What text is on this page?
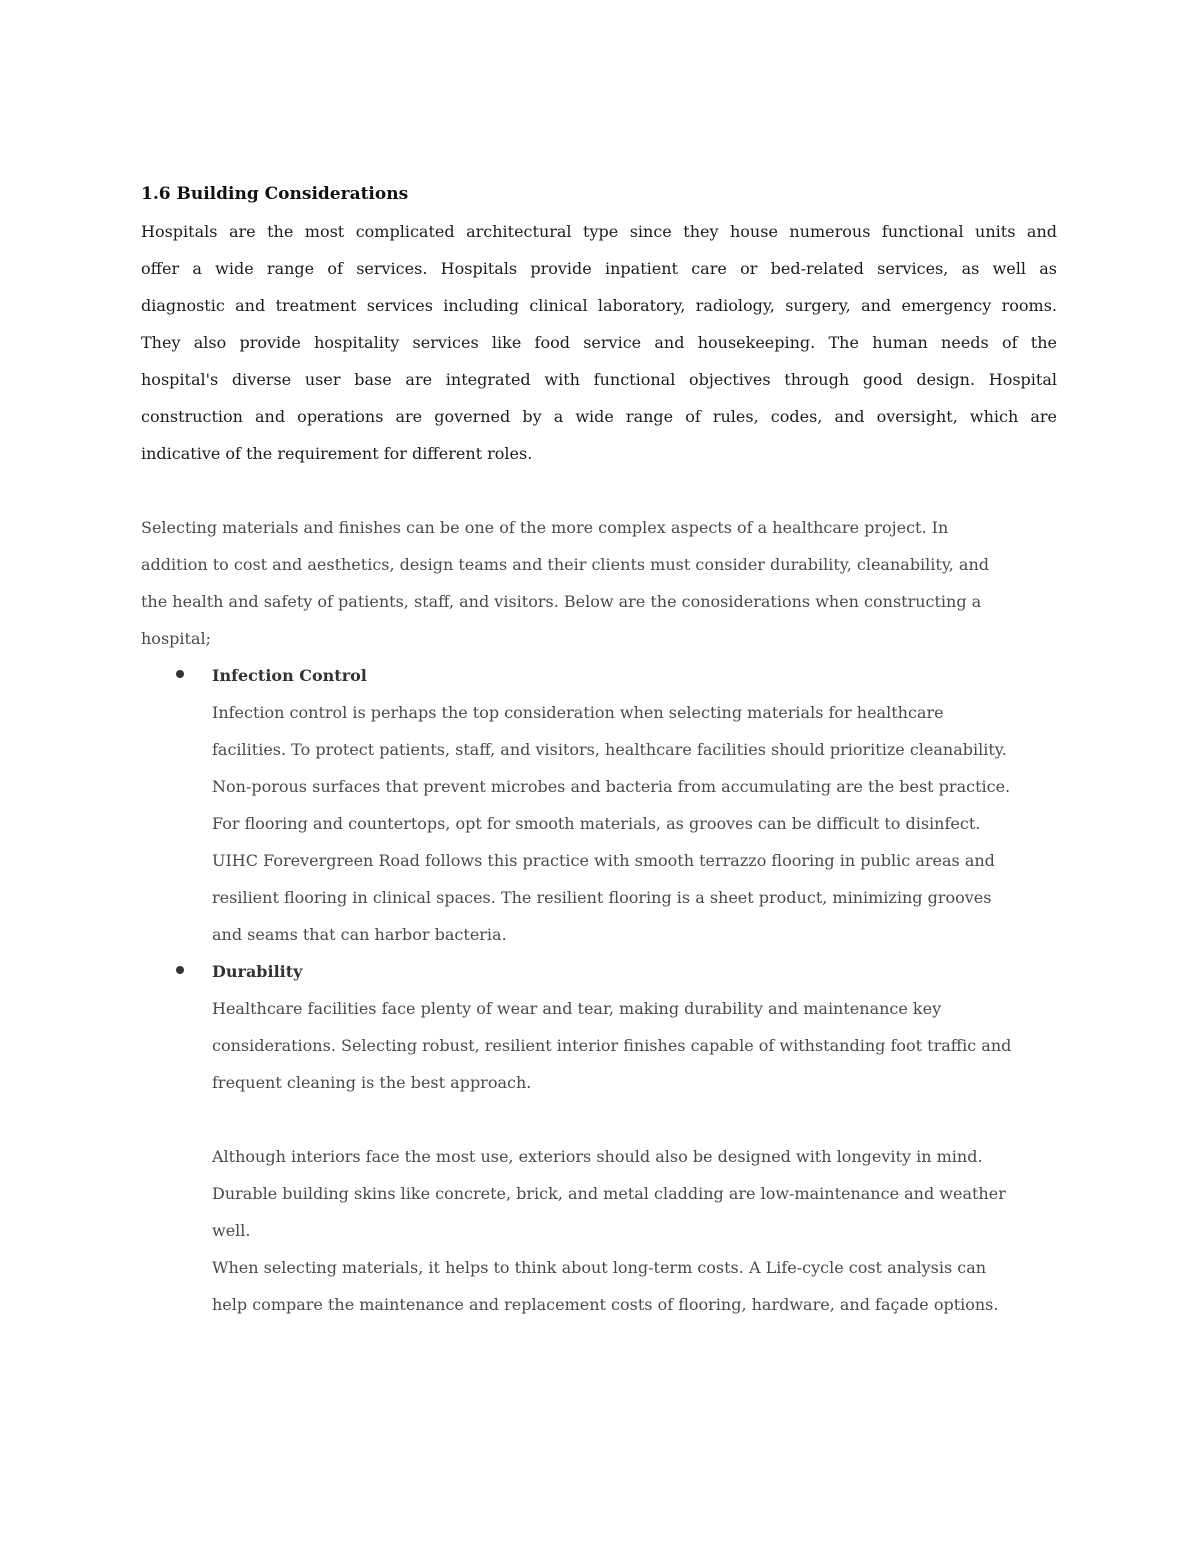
1.6 Building Considerations
Hospitals are the most complicated architectural type since they house numerous functional units and
offer a wide range of services. Hospitals provide inpatient care or bed-related services, as well as
diagnostic and treatment services including clinical laboratory, radiology, surgery, and emergency rooms.
They also provide hospitality services like food service and housekeeping. The human needs of the
hospital's diverse user base are integrated with functional objectives through good design. Hospital
construction and operations are governed by a wide range of rules, codes, and oversight, which are
indicative of the requirement for different roles.
Selecting materials and finishes can be one of the more complex aspects of a healthcare project. In
addition to cost and aesthetics, design teams and their clients must consider durability, cleanability, and
the health and safety of patients, staff, and visitors. Below are the conosiderations when constructing a
hospital;
Infection Control
Infection control is perhaps the top consideration when selecting materials for healthcare
facilities. To protect patients, staff, and visitors, healthcare facilities should prioritize cleanability.
Non-porous surfaces that prevent microbes and bacteria from accumulating are the best practice.
For flooring and countertops, opt for smooth materials, as grooves can be difficult to disinfect.
UIHC Forevergreen Road follows this practice with smooth terrazzo flooring in public areas and
resilient flooring in clinical spaces. The resilient flooring is a sheet product, minimizing grooves
and seams that can harbor bacteria.
Durability
Healthcare facilities face plenty of wear and tear, making durability and maintenance key
considerations. Selecting robust, resilient interior finishes capable of withstanding foot traffic and
frequent cleaning is the best approach.
Although interiors face the most use, exteriors should also be designed with longevity in mind.
Durable building skins like concrete, brick, and metal cladding are low-maintenance and weather
well.
When selecting materials, it helps to think about long-term costs. A Life-cycle cost analysis can
help compare the maintenance and replacement costs of flooring, hardware, and façade options.
